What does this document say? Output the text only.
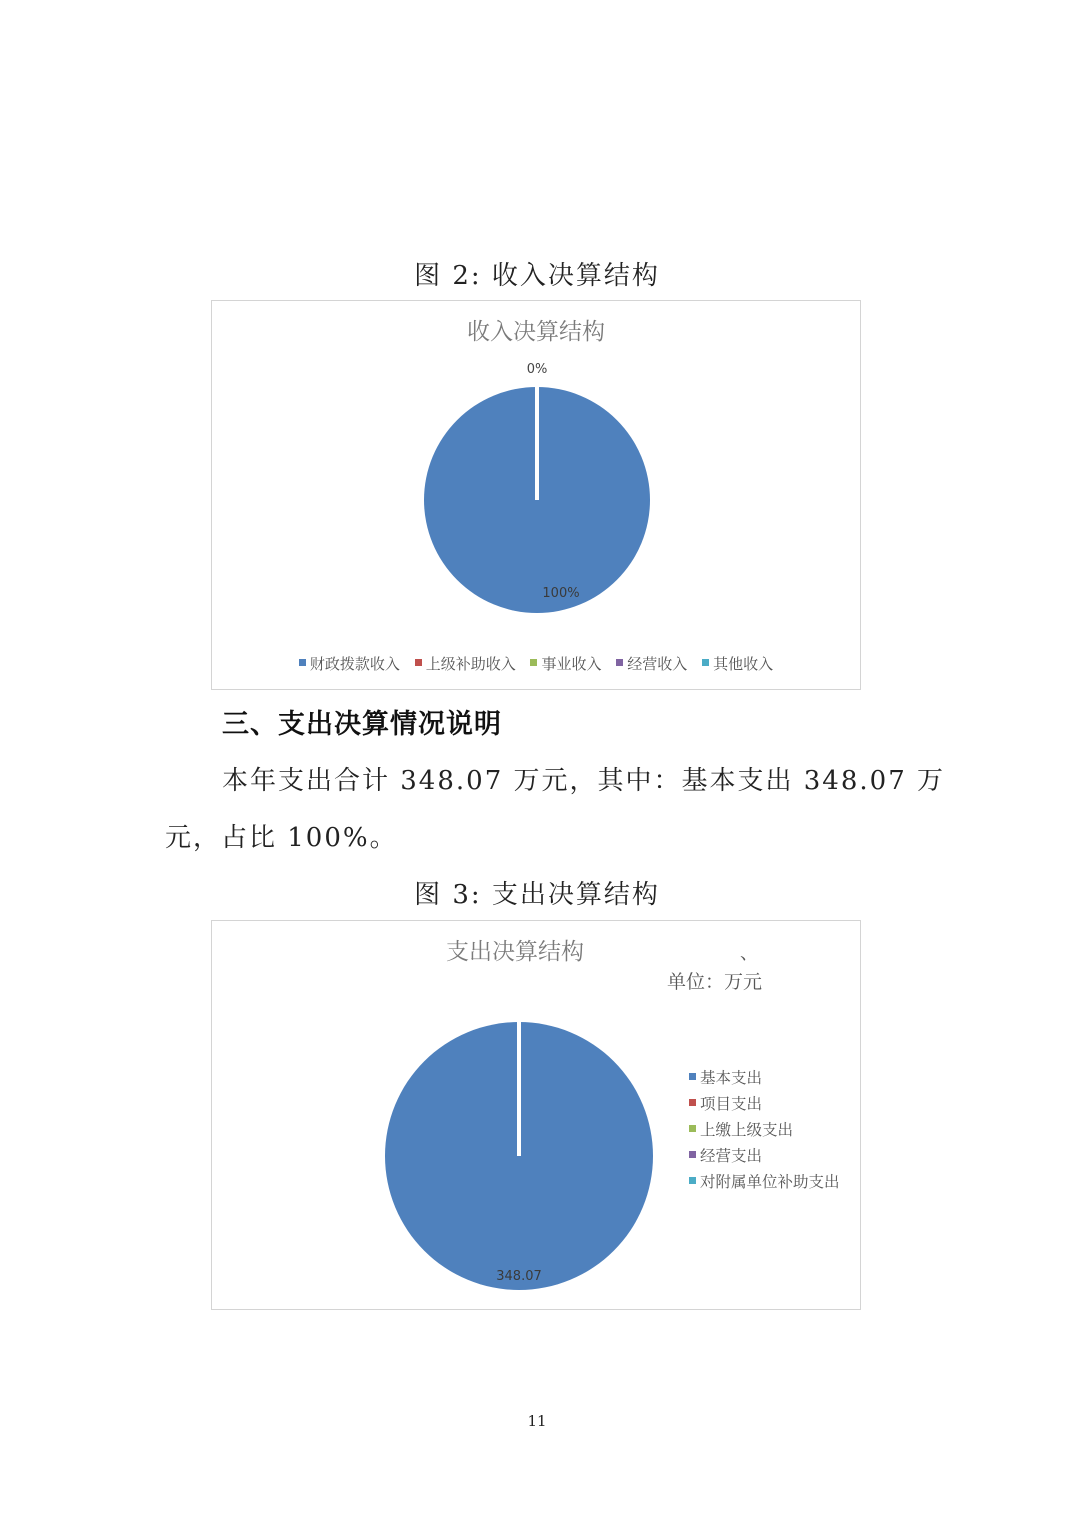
图 2: 收入决算结构
收入决算结构
0%
100%
财政拨款收入 上级补助收入 事业收入 经营收入 其他收入
三、支出决算情况说明
本年支出合计 348.07 万元，其中：基本支出 348.07 万
元，占比 100%。
图 3: 支出决算结构
支出决算结构	、
单位：万元
348.07
基本支出
项目支出
上缴上级支出
经营支出
对附属单位补助支出
11
